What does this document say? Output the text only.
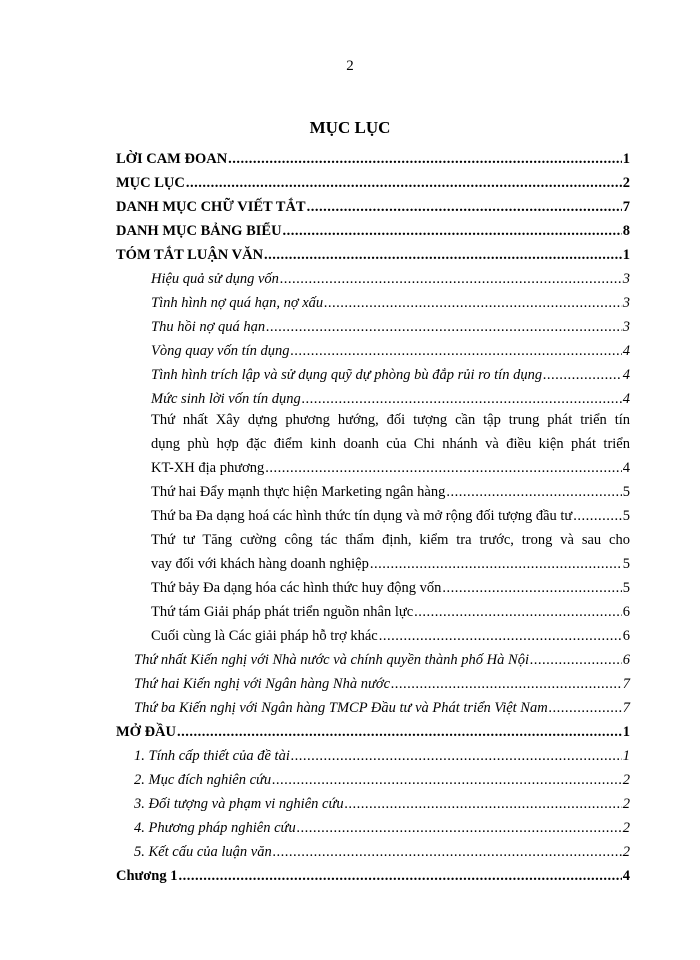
2
MỤC LỤC
LỜI CAM ĐOAN .....	1
MỤC LỤC .....	2
DANH MỤC CHỮ VIẾT TẮT .....	7
DANH MỤC BẢNG BIỂU .....	8
TÓM TẮT LUẬN VĂN .....	1
Hiệu quả sử dụng vốn .....	3
Tình hình nợ quá hạn, nợ xấu .....	3
Thu hồi nợ quá hạn .....	3
Vòng quay vốn tín dụng .....	4
Tình hình trích lập và sử dụng quỹ dự phòng bù đắp rủi ro tín dụng .....	4
Mức sinh lời vốn tín dụng .....	4
Thứ nhất Xây dựng phương hướng, đối tượng cần tập trung phát triển tín
dụng phù hợp đặc điểm kinh doanh của Chi nhánh và điều kiện phát triển
KT-XH địa phương .....	4
Thứ hai Đẩy mạnh thực hiện Marketing ngân hàng .....	5
Thứ ba Đa dạng hoá các hình thức tín dụng và mở rộng đối tượng đầu tư .....	5
Thứ tư Tăng cường công tác thẩm định, kiểm tra trước, trong và sau cho
vay đối với khách hàng doanh nghiệp .....	5
Thứ bảy Đa dạng hóa các hình thức huy động vốn .....	5
Thứ tám Giải pháp phát triển nguồn nhân lực .....	6
Cuối cùng là Các giải pháp hỗ trợ khác .....	6
Thứ nhất Kiến nghị với Nhà nước và chính quyền thành phố Hà Nội .....	6
Thứ hai Kiến nghị với Ngân hàng Nhà nước .....	7
Thứ ba Kiến nghị với Ngân hàng TMCP Đầu tư và Phát triển Việt Nam .....	7
MỞ ĐẦU .....	1
1. Tính cấp thiết của đề tài .....	1
2. Mục đích nghiên cứu .....	2
3. Đối tượng và phạm vi nghiên cứu .....	2
4. Phương pháp nghiên cứu .....	2
5. Kết cấu của luận văn .....	2
Chương 1 .....	4
